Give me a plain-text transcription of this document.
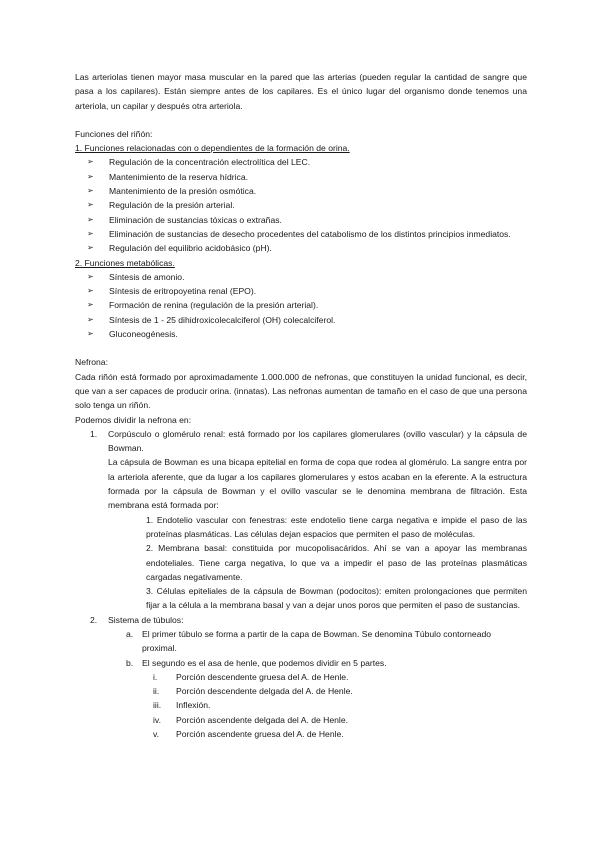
Las arteriolas tienen mayor masa muscular en la pared que las arterias (pueden regular la cantidad de sangre que pasa a los capilares). Están siempre antes de los capilares. Es el único lugar del organismo donde tenemos una arteriola, un capilar y después otra arteriola.

Funciones del riñón:

1. Funciones relacionadas con o dependientes de la formación de orina.

➢ Regulación de la concentración electrolítica del LEC.
➢ Mantenimiento de la reserva hídrica.
➢ Mantenimiento de la presión osmótica.
➢ Regulación de la presión arterial.
➢ Eliminación de sustancias tóxicas o extrañas.
➢ Eliminación de sustancias de desecho procedentes del catabolismo de los distintos principios inmediatos.
➢ Regulación del equilibrio acidobásico (pH).

2. Funciones metabólicas.

➢ Síntesis de amonio.
➢ Síntesis de eritropoyetina renal (EPO).
➢ Formación de renina (regulación de la presión arterial).
➢ Síntesis de 1 - 25 dihidroxicolecalciferol (OH) colecalciferol.
➢ Gluconeogénesis.

Nefrona:

Cada riñón está formado por aproximadamente 1.000.000 de nefronas, que constituyen la unidad funcional, es decir, que van a ser capaces de producir orina. (innatas). Las nefronas aumentan de tamaño en el caso de que una persona solo tenga un riñón.

Podemos dividir la nefrona en:

1. Corpúsculo o glomérulo renal: está formado por los capilares glomerulares (ovillo vascular) y la cápsula de Bowman.

La cápsula de Bowman es una bicapa epitelial en forma de copa que rodea al glomérulo. La sangre entra por la arteriola aferente, que da lugar a los capilares glomerulares y estos acaban en la eferente. A la estructura formada por la cápsula de Bowman y el ovillo vascular se le denomina membrana de filtración. Esta membrana está formada por:

1. Endotelio vascular con fenestras: este endotelio tiene carga negativa e impide el paso de las proteínas plasmáticas. Las células dejan espacios que permiten el paso de moléculas.

2. Membrana basal: constituida por mucopolisacáridos. Ahí se van a apoyar las membranas endoteliales. Tiene carga negativa, lo que va a impedir el paso de las proteínas plasmáticas cargadas negativamente.

3. Células epiteliales de la cápsula de Bowman (podocitos): emiten prolongaciones que permiten fijar a la célula a la membrana basal y van a dejar unos poros que permiten el paso de sustancias.

2. Sistema de túbulos:

a. El primer túbulo se forma a partir de la capa de Bowman. Se denomina Túbulo contorneado proximal.
b. El segundo es el asa de henle, que podemos dividir en 5 partes.
i. Porción descendente gruesa del A. de Henle.
ii. Porción descendente delgada del A. de Henle.
iii. Inflexión.
iv. Porción ascendente delgada del A. de Henle.
v. Porción ascendente gruesa del A. de Henle.
